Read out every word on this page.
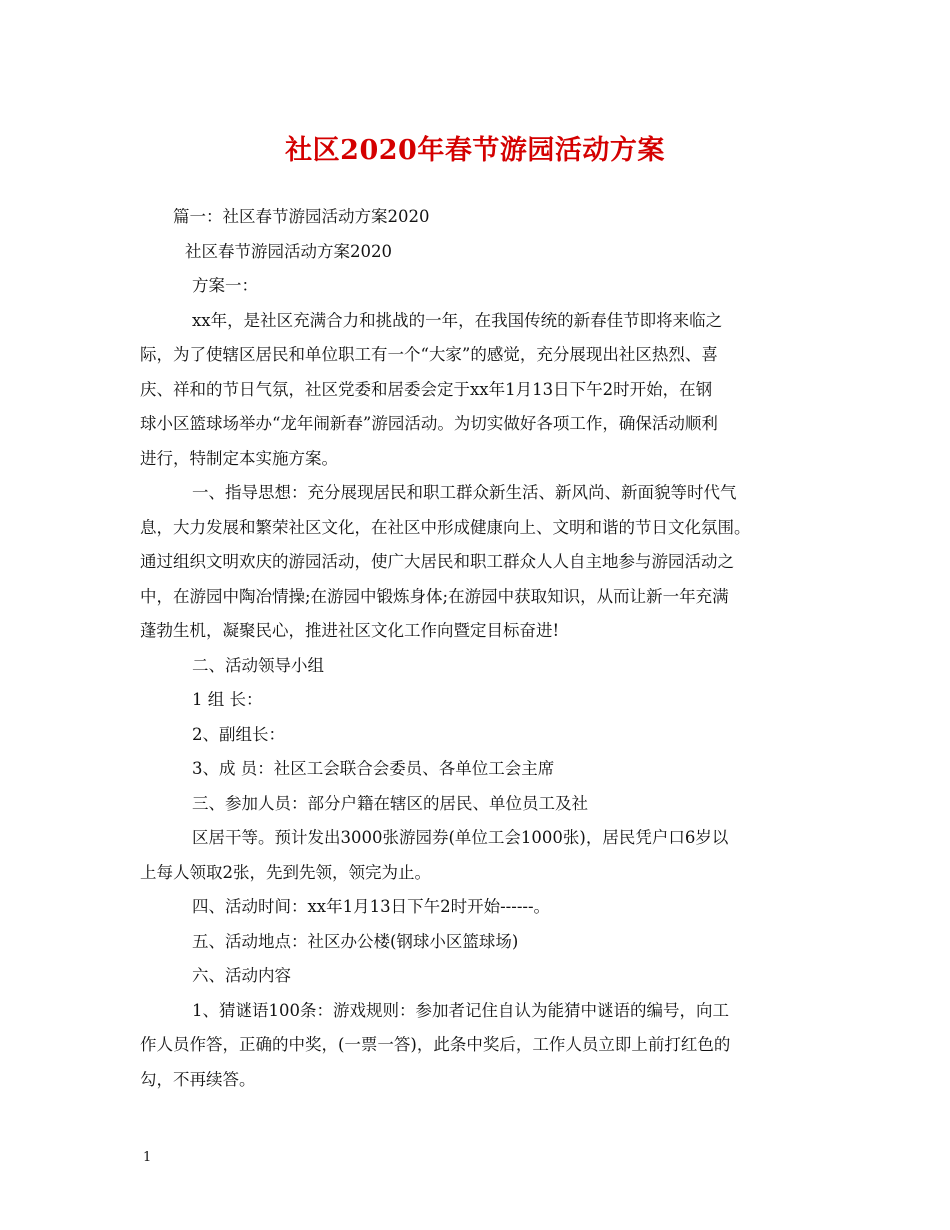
社区2020年春节游园活动方案
篇一：社区春节游园活动方案2020
社区春节游园活动方案2020
方案一：
xx年，是社区充满合力和挑战的一年，在我国传统的新春佳节即将来临之
际，为了使辖区居民和单位职工有一个“大家”的感觉，充分展现出社区热烈、喜
庆、祥和的节日气氛，社区党委和居委会定于xx年1月13日下午2时开始，在钢
球小区篮球场举办“龙年闹新春”游园活动。为切实做好各项工作，确保活动顺利
进行，特制定本实施方案。
一、指导思想：充分展现居民和职工群众新生活、新风尚、新面貌等时代气
息，大力发展和繁荣社区文化，在社区中形成健康向上、文明和谐的节日文化氛围。
通过组织文明欢庆的游园活动，使广大居民和职工群众人人自主地参与游园活动之
中，在游园中陶冶情操;在游园中锻炼身体;在游园中获取知识，从而让新一年充满
蓬勃生机，凝聚民心，推进社区文化工作向暨定目标奋进!
二、活动领导小组
1 组 长：
2、副组长：
3、成 员：社区工会联合会委员、各单位工会主席
三、参加人员：部分户籍在辖区的居民、单位员工及社
区居干等。预计发出3000张游园券(单位工会1000张)，居民凭户口6岁以
上每人领取2张，先到先领，领完为止。
四、活动时间：xx年1月13日下午2时开始------。
五、活动地点：社区办公楼(钢球小区篮球场)
六、活动内容
1、猜谜语100条：游戏规则：参加者记住自认为能猜中谜语的编号，向工
作人员作答，正确的中奖，(一票一答)，此条中奖后，工作人员立即上前打红色的
勾，不再续答。
1
